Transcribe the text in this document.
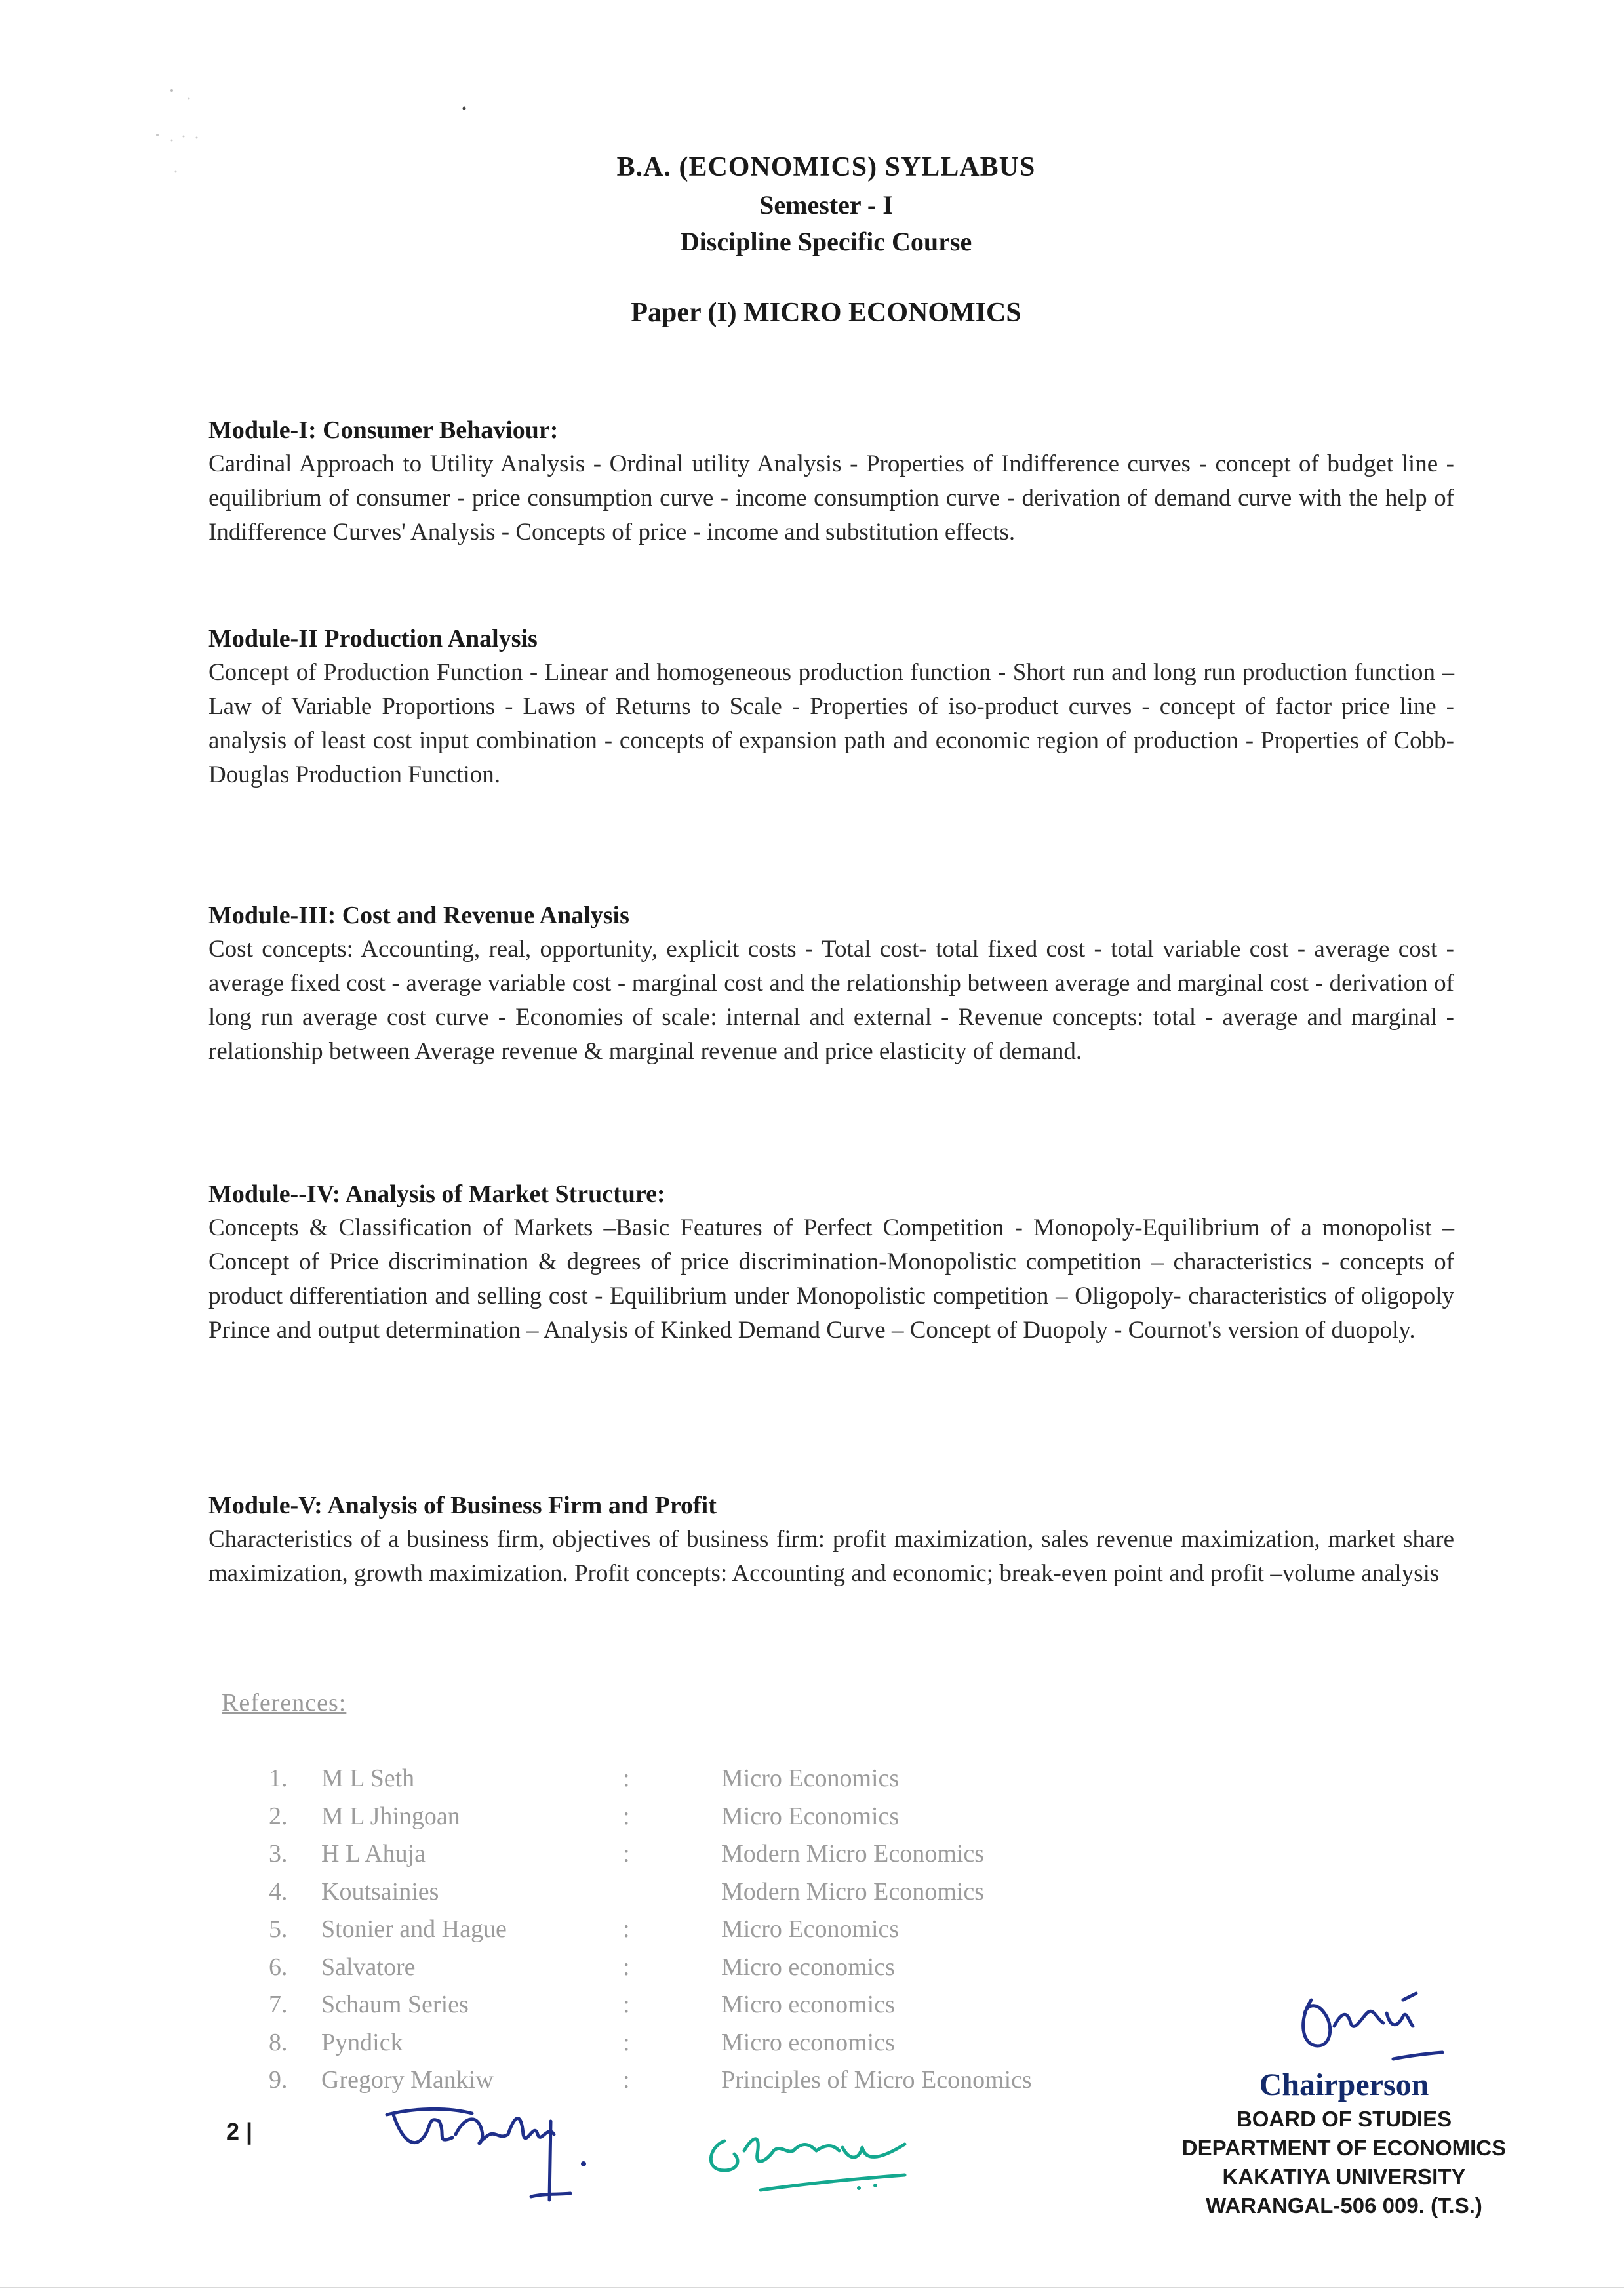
B.A. (ECONOMICS) SYLLABUS
Semester - I
Discipline Specific Course
Paper (I) MICRO ECONOMICS
Module-I: Consumer Behaviour:

Cardinal Approach to Utility Analysis - Ordinal utility Analysis - Properties of Indifference curves - concept of budget line - equilibrium of consumer - price consumption curve - income consumption curve - derivation of demand curve with the help of Indifference Curves' Analysis - Concepts of price - income and substitution effects.

Module-II Production Analysis

Concept of Production Function - Linear and homogeneous production function - Short run and long run production function – Law of Variable Proportions - Laws of Returns to Scale - Properties of iso-product curves - concept of factor price line - analysis of least cost input combination - concepts of expansion path and economic region of production - Properties of Cobb-Douglas Production Function.

Module-III: Cost and Revenue Analysis

Cost concepts: Accounting, real, opportunity, explicit costs - Total cost- total fixed cost - total variable cost - average cost - average fixed cost - average variable cost - marginal cost and the relationship between average and marginal cost - derivation of long run average cost curve - Economies of scale: internal and external - Revenue concepts: total - average and marginal - relationship between Average revenue & marginal revenue and price elasticity of demand.

Module--IV: Analysis of Market Structure:

Concepts & Classification of Markets –Basic Features of Perfect Competition - Monopoly-Equilibrium of a monopolist – Concept of Price discrimination & degrees of price discrimination-Monopolistic competition – characteristics - concepts of product differentiation and selling cost - Equilibrium under Monopolistic competition – Oligopoly- characteristics of oligopoly Prince and output determination – Analysis of Kinked Demand Curve – Concept of Duopoly - Cournot's version of duopoly.

Module-V: Analysis of Business Firm and Profit

Characteristics of a business firm, objectives of business firm: profit maximization, sales revenue maximization, market share maximization, growth maximization. Profit concepts: Accounting and economic; break-even point and profit –volume analysis

References:
1. M L Seth	:	Micro Economics
2. M L Jhingoan	:	Micro Economics
3. H L Ahuja	:	Modern Micro Economics
4. Koutsainies	Modern Micro Economics
5. Stonier and Hague	:	Micro Economics
6. Salvatore	:	Micro economics
7. Schaum Series	:	Micro economics
8. Pyndick	:	Micro economics
9. Gregory Mankiw	:	Principles of Micro Economics
2 |
Chairperson
BOARD OF STUDIES
DEPARTMENT OF ECONOMICS
KAKATIYA UNIVERSITY
WARANGAL-506 009. (T.S.)
